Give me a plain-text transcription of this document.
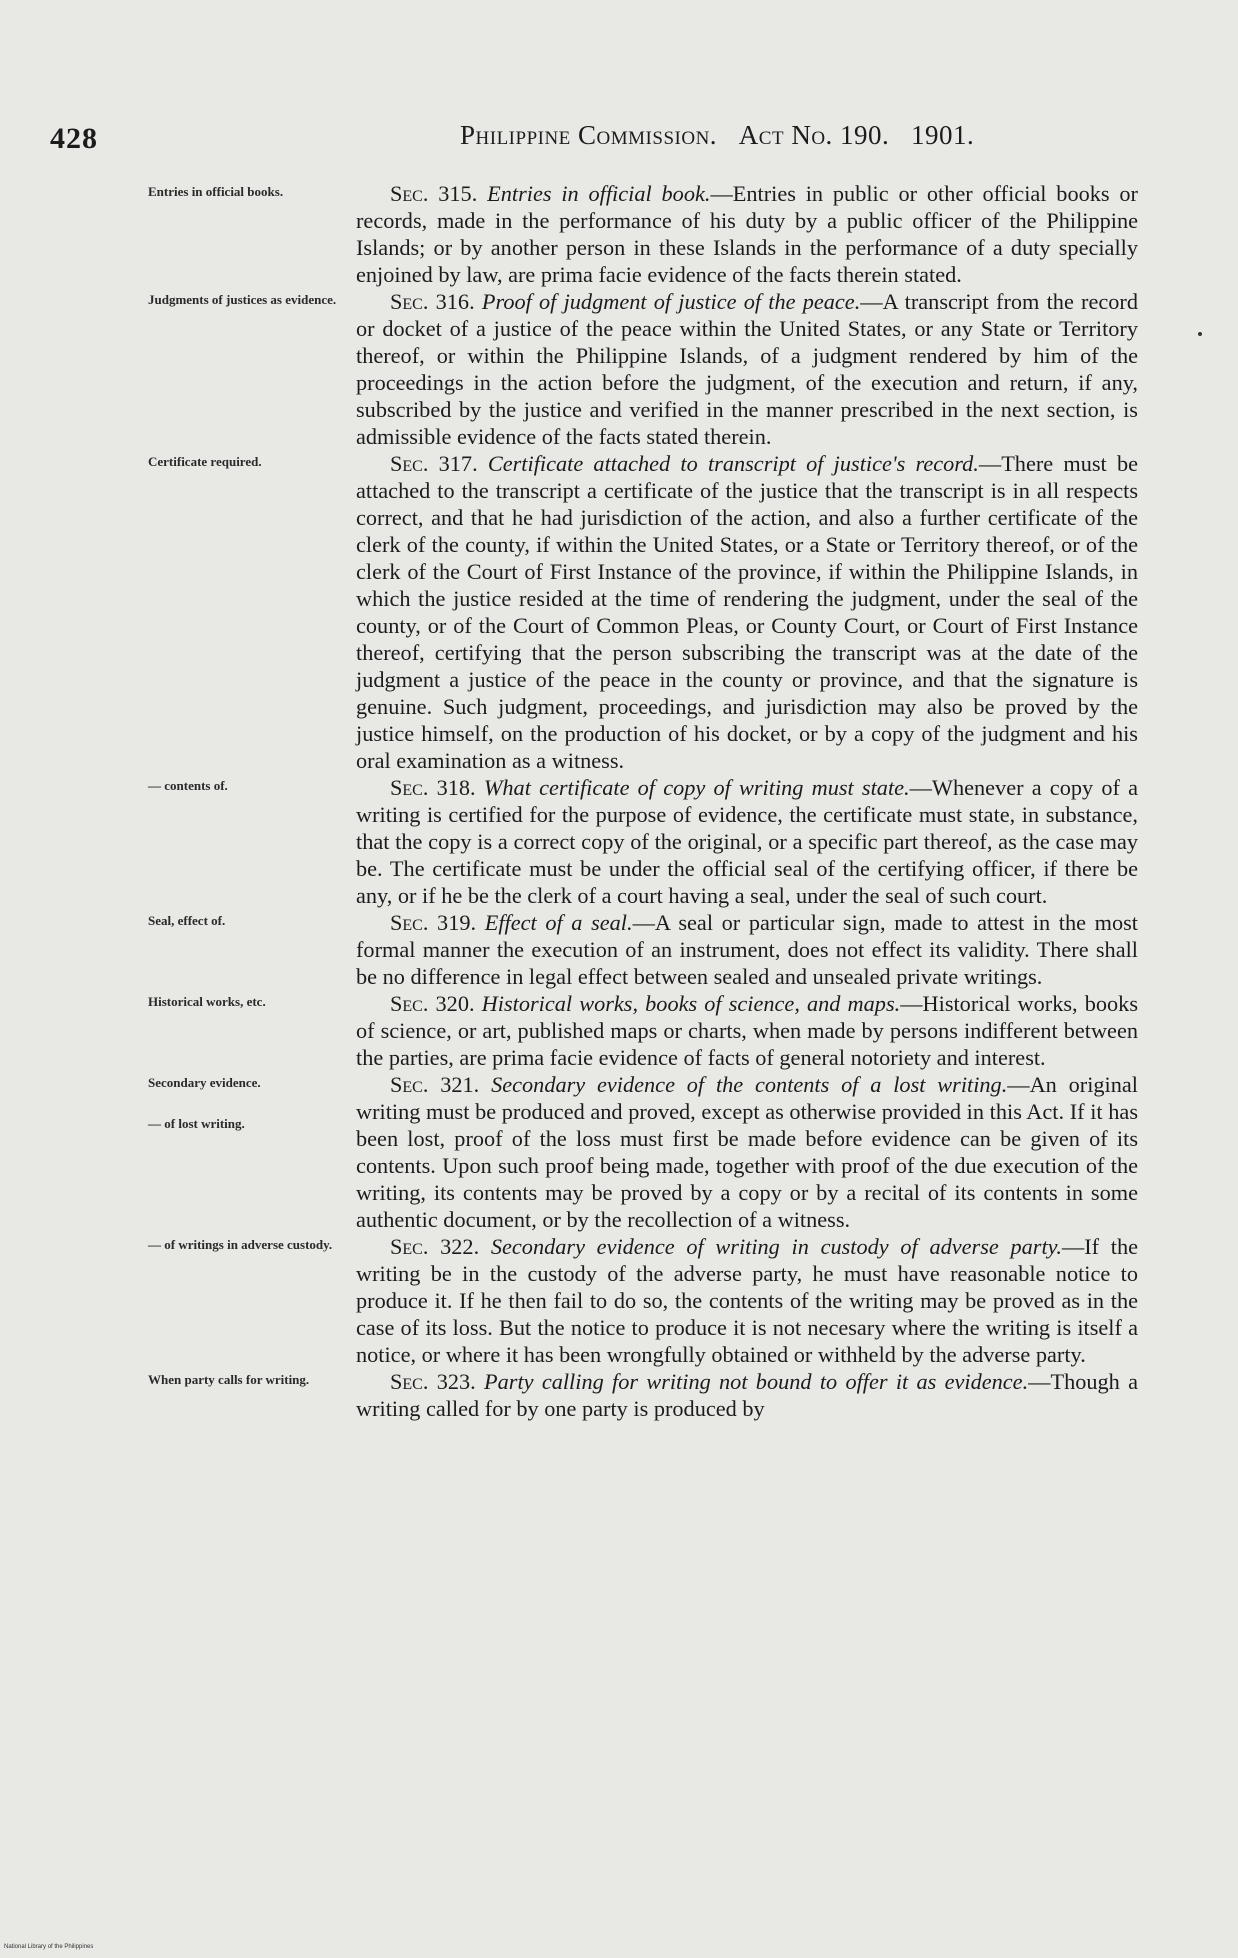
428	Philippine Commission. Act No. 190. 1901.
Entries in official books.	Sec. 315. Entries in official book.—Entries in public or other official books or records, made in the performance of his duty by a public officer of the Philippine Islands; or by another person in these Islands in the performance of a duty specially enjoined by law, are prima facie evidence of the facts therein stated.

Judgments of justices as evidence.	Sec. 316. Proof of judgment of justice of the peace.—A transcript from the record or docket of a justice of the peace within the United States, or any State or Territory thereof, or within the Philippine Islands, of a judgment rendered by him of the proceedings in the action before the judgment, of the execution and return, if any, subscribed by the justice and verified in the manner prescribed in the next section, is admissible evidence of the facts stated therein.

Certificate required.	Sec. 317. Certificate attached to transcript of justice's record.—There must be attached to the transcript a certificate of the justice that the transcript is in all respects correct, and that he had jurisdiction of the action, and also a further certificate of the clerk of the county, if within the United States, or a State or Territory thereof, or of the clerk of the Court of First Instance of the province, if within the Philippine Islands, in which the justice resided at the time of rendering the judgment, under the seal of the county, or of the Court of Common Pleas, or County Court, or Court of First Instance thereof, certifying that the person subscribing the transcript was at the date of the judgment a justice of the peace in the county or province, and that the signature is genuine. Such judgment, proceedings, and jurisdiction may also be proved by the justice himself, on the production of his docket, or by a copy of the judgment and his oral examination as a witness.

— contents of.	Sec. 318. What certificate of copy of writing must state.—Whenever a copy of a writing is certified for the purpose of evidence, the certificate must state, in substance, that the copy is a correct copy of the original, or a specific part thereof, as the case may be. The certificate must be under the official seal of the certifying officer, if there be any, or if he be the clerk of a court having a seal, under the seal of such court.

Seal, effect of.	Sec. 319. Effect of a seal.—A seal or particular sign, made to attest in the most formal manner the execution of an instrument, does not effect its validity. There shall be no difference in legal effect between sealed and unsealed private writings.

Historical works, etc.	Sec. 320. Historical works, books of science, and maps.—Historical works, books of science, or art, published maps or charts, when made by persons indifferent between the parties, are prima facie evidence of facts of general notoriety and interest.

Secondary evidence.
— of lost writing.

Sec. 321. Secondary evidence of the contents of a lost writing.—An original writing must be produced and proved, except as otherwise provided in this Act. If it has been lost, proof of the loss must first be made before evidence can be given of its contents. Upon such proof being made, together with proof of the due execution of the writing, its contents may be proved by a copy or by a recital of its contents in some authentic document, or by the recollection of a witness.

— of writings in adverse custody.	Sec. 322. Secondary evidence of writing in custody of adverse party.—If the writing be in the custody of the adverse party, he must have reasonable notice to produce it. If he then fail to do so, the contents of the writing may be proved as in the case of its loss. But the notice to produce it is not necesary where the writing is itself a notice, or where it has been wrongfully obtained or withheld by the adverse party.

When party calls for writing.	Sec. 323. Party calling for writing not bound to offer it as evidence.—Though a writing called for by one party is produced by

National Library of the Philippines
